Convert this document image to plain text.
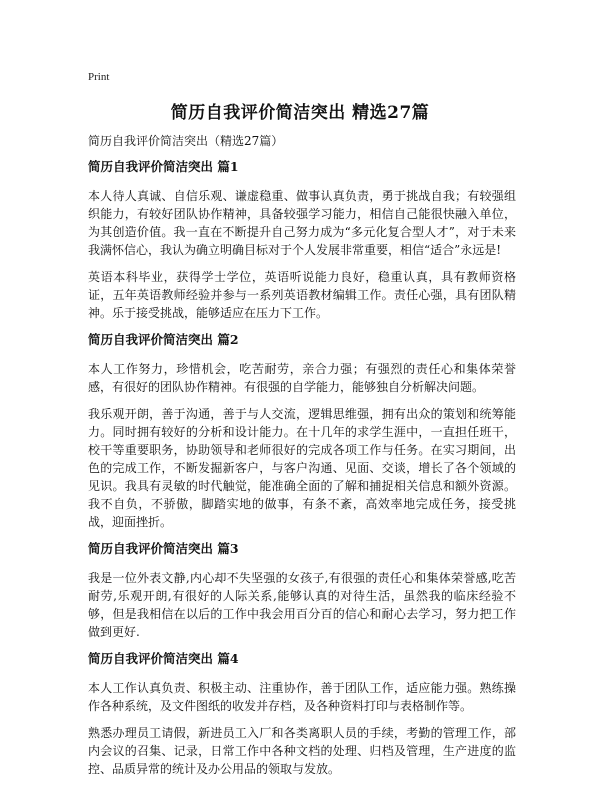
Print
简历自我评价简洁突出 精选27篇

简历自我评价简洁突出（精选27篇）

简历自我评价简洁突出 篇1

本人待人真诚、自信乐观、谦虚稳重、做事认真负责，勇于挑战自我；有较强组织能力，有较好团队协作精神，具备较强学习能力，相信自己能很快融入单位，为其创造价值。我一直在不断提升自己努力成为“多元化复合型人才”，对于未来我满怀信心，我认为确立明确目标对于个人发展非常重要，相信“适合”永远是!

英语本科毕业，获得学士学位，英语听说能力良好，稳重认真，具有教师资格证，五年英语教师经验并参与一系列英语教材编辑工作。责任心强，具有团队精神。乐于接受挑战，能够适应在压力下工作。

简历自我评价简洁突出 篇2

本人工作努力，珍惜机会，吃苦耐劳，亲合力强；有强烈的责任心和集体荣誉感，有很好的团队协作精神。有很强的自学能力，能够独自分析解决问题。

我乐观开朗，善于沟通，善于与人交流，逻辑思维强，拥有出众的策划和统筹能力。同时拥有较好的分析和设计能力。在十几年的求学生涯中，一直担任班干，校干等重要职务，协助领导和老师很好的完成各项工作与任务。在实习期间，出色的完成工作，不断发掘新客户，与客户沟通、见面、交谈，增长了各个领域的见识。我具有灵敏的时代触觉，能准确全面的了解和捕捉相关信息和额外资源。我不自负，不骄傲，脚踏实地的做事，有条不紊，高效率地完成任务，接受挑战，迎面挫折。

简历自我评价简洁突出 篇3

我是一位外表文静,内心却不失坚强的女孩子,有很强的责任心和集体荣誉感,吃苦耐劳,乐观开朗,有很好的人际关系,能够认真的对待生活，虽然我的临床经验不够，但是我相信在以后的工作中我会用百分百的信心和耐心去学习，努力把工作做到更好.

简历自我评价简洁突出 篇4

本人工作认真负责、积极主动、注重协作，善于团队工作，适应能力强。熟练操作各种系统，及文件图纸的收发并存档，及各种资料打印与表格制作等。

熟悉办理员工请假，新进员工入厂和各类离职人员的手续，考勤的管理工作，部内会议的召集、记录，日常工作中各种文档的处理、归档及管理，生产进度的监控、品质异常的统计及办公用品的领取与发放。
